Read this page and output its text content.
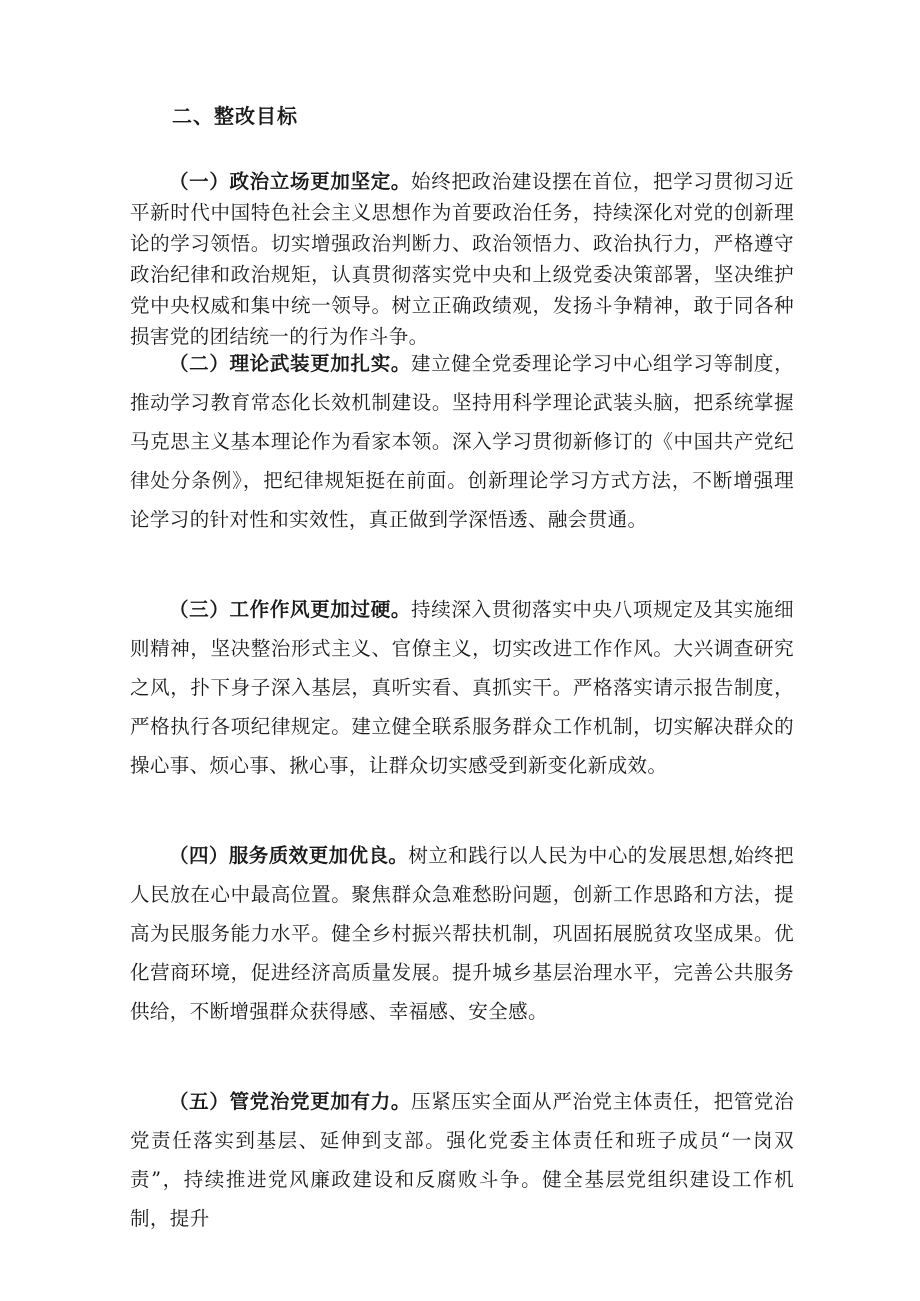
二、整改目标

（一）政治立场更加坚定。始终把政治建设摆在首位，把学习贯彻习近平新时代中国特色社会主义思想作为首要政治任务，持续深化对党的创新理论的学习领悟。切实增强政治判断力、政治领悟力、政治执行力，严格遵守政治纪律和政治规矩，认真贯彻落实党中央和上级党委决策部署，坚决维护党中央权威和集中统一领导。树立正确政绩观，发扬斗争精神，敢于同各种损害党的团结统一的行为作斗争。

（二）理论武装更加扎实。建立健全党委理论学习中心组学习等制度，推动学习教育常态化长效机制建设。坚持用科学理论武装头脑，把系统掌握马克思主义基本理论作为看家本领。深入学习贯彻新修订的《中国共产党纪律处分条例》，把纪律规矩挺在前面。创新理论学习方式方法，不断增强理论学习的针对性和实效性，真正做到学深悟透、融会贯通。

（三）工作作风更加过硬。持续深入贯彻落实中央八项规定及其实施细则精神，坚决整治形式主义、官僚主义，切实改进工作作风。大兴调查研究之风，扑下身子深入基层，真听实看、真抓实干。严格落实请示报告制度，严格执行各项纪律规定。建立健全联系服务群众工作机制，切实解决群众的操心事、烦心事、揪心事，让群众切实感受到新变化新成效。

（四）服务质效更加优良。树立和践行以人民为中心的发展思想,始终把人民放在心中最高位置。聚焦群众急难愁盼问题，创新工作思路和方法，提高为民服务能力水平。健全乡村振兴帮扶机制，巩固拓展脱贫攻坚成果。优化营商环境，促进经济高质量发展。提升城乡基层治理水平，完善公共服务供给，不断增强群众获得感、幸福感、安全感。

（五）管党治党更加有力。压紧压实全面从严治党主体责任，把管党治党责任落实到基层、延伸到支部。强化党委主体责任和班子成员“一岗双责”，持续推进党风廉政建设和反腐败斗争。健全基层党组织建设工作机制，提升
